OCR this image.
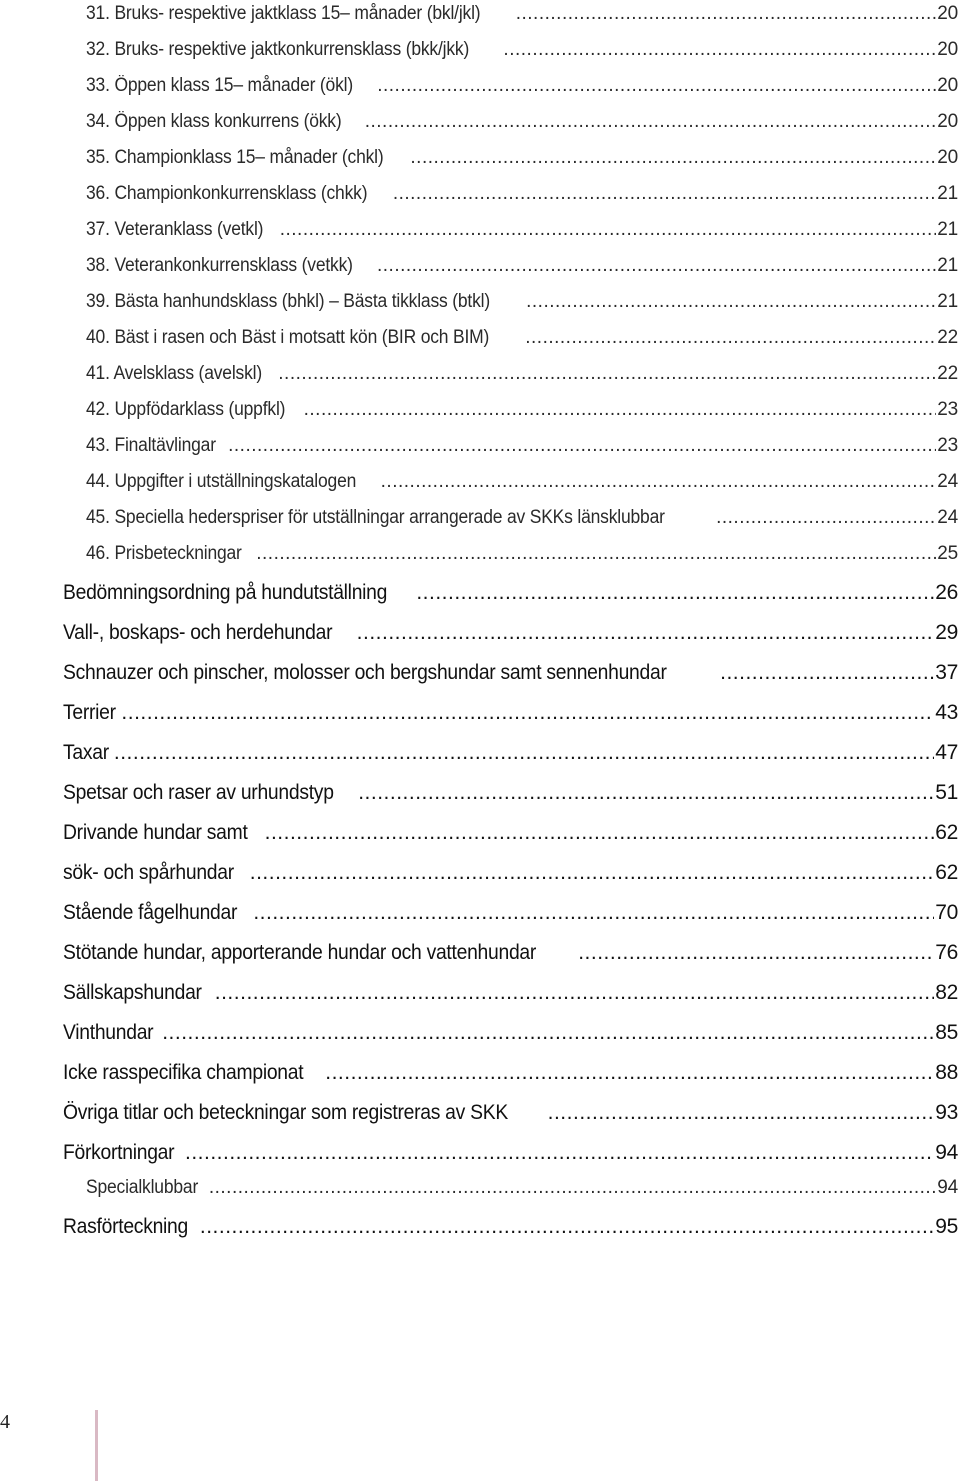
31. Bruks- respektive jaktklass 15– månader (bkl/jkl) .....	20
32. Bruks- respektive jaktkonkurrensklass (bkk/jkk) .....	20
33. Öppen klass 15– månader (ökl) .....	20
34. Öppen klass konkurrens (ökk) .....	20
35. Championklass 15– månader (chkl) .....	20
36. Championkonkurrensklass (chkk) .....	21
37. Veteranklass (vetkl) .....	21
38. Veterankonkurrensklass (vetkk) .....	21
39. Bästa hanhundsklass (bhkl) – Bästa tikklass (btkl) .....	21
40. Bäst i rasen och Bäst i motsatt kön (BIR och BIM) .....	22
41. Avelsklass (avelskl) .....	22
42. Uppfödarklass (uppfkl) .....	23
43. Finaltävlingar .....	23
44. Uppgifter i utställningskatalogen .....	24
45. Speciella hederspriser för utställningar arrangerade av SKKs länsklubbar .....	24
46. Prisbeteckningar .....	25
Bedömningsordning på hundutställning .....	26
Vall-, boskaps- och herdehundar .....	29
Schnauzer och pinscher, molosser och bergshundar samt sennenhundar .....	37
Terrier .....	43
Taxar .....	47
Spetsar och raser av urhundstyp .....	51
Drivande hundar samt .....	62
sök- och spårhundar .....	62
Stående fågelhundar .....	70
Stötande hundar, apporterande hundar och vattenhundar .....	76
Sällskapshundar .....	82
Vinthundar .....	85
Icke rasspecifika championat .....	88
Övriga titlar och beteckningar som registreras av SKK .....	93
Förkortningar .....	94
Specialklubbar .....	94
Rasförteckning .....	95
4
